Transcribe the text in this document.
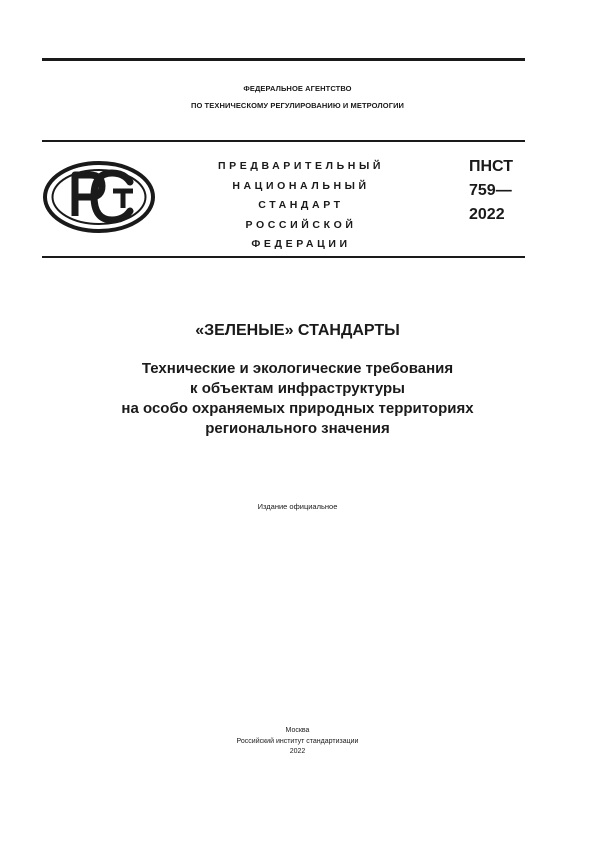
ФЕДЕРАЛЬНОЕ АГЕНТСТВО
ПО ТЕХНИЧЕСКОМУ РЕГУЛИРОВАНИЮ И МЕТРОЛОГИИ
ПРЕДВАРИТЕЛЬНЫЙ
НАЦИОНАЛЬНЫЙ
СТАНДАРТ
РОССИЙСКОЙ
ФЕДЕРАЦИИ
ПНСТ
759—
2022
«ЗЕЛЕНЫЕ» СТАНДАРТЫ
Технические и экологические требования
к объектам инфраструктуры
на особо охраняемых природных территориях
регионального значения
Издание официальное
Москва
Российский институт стандартизации
2022
